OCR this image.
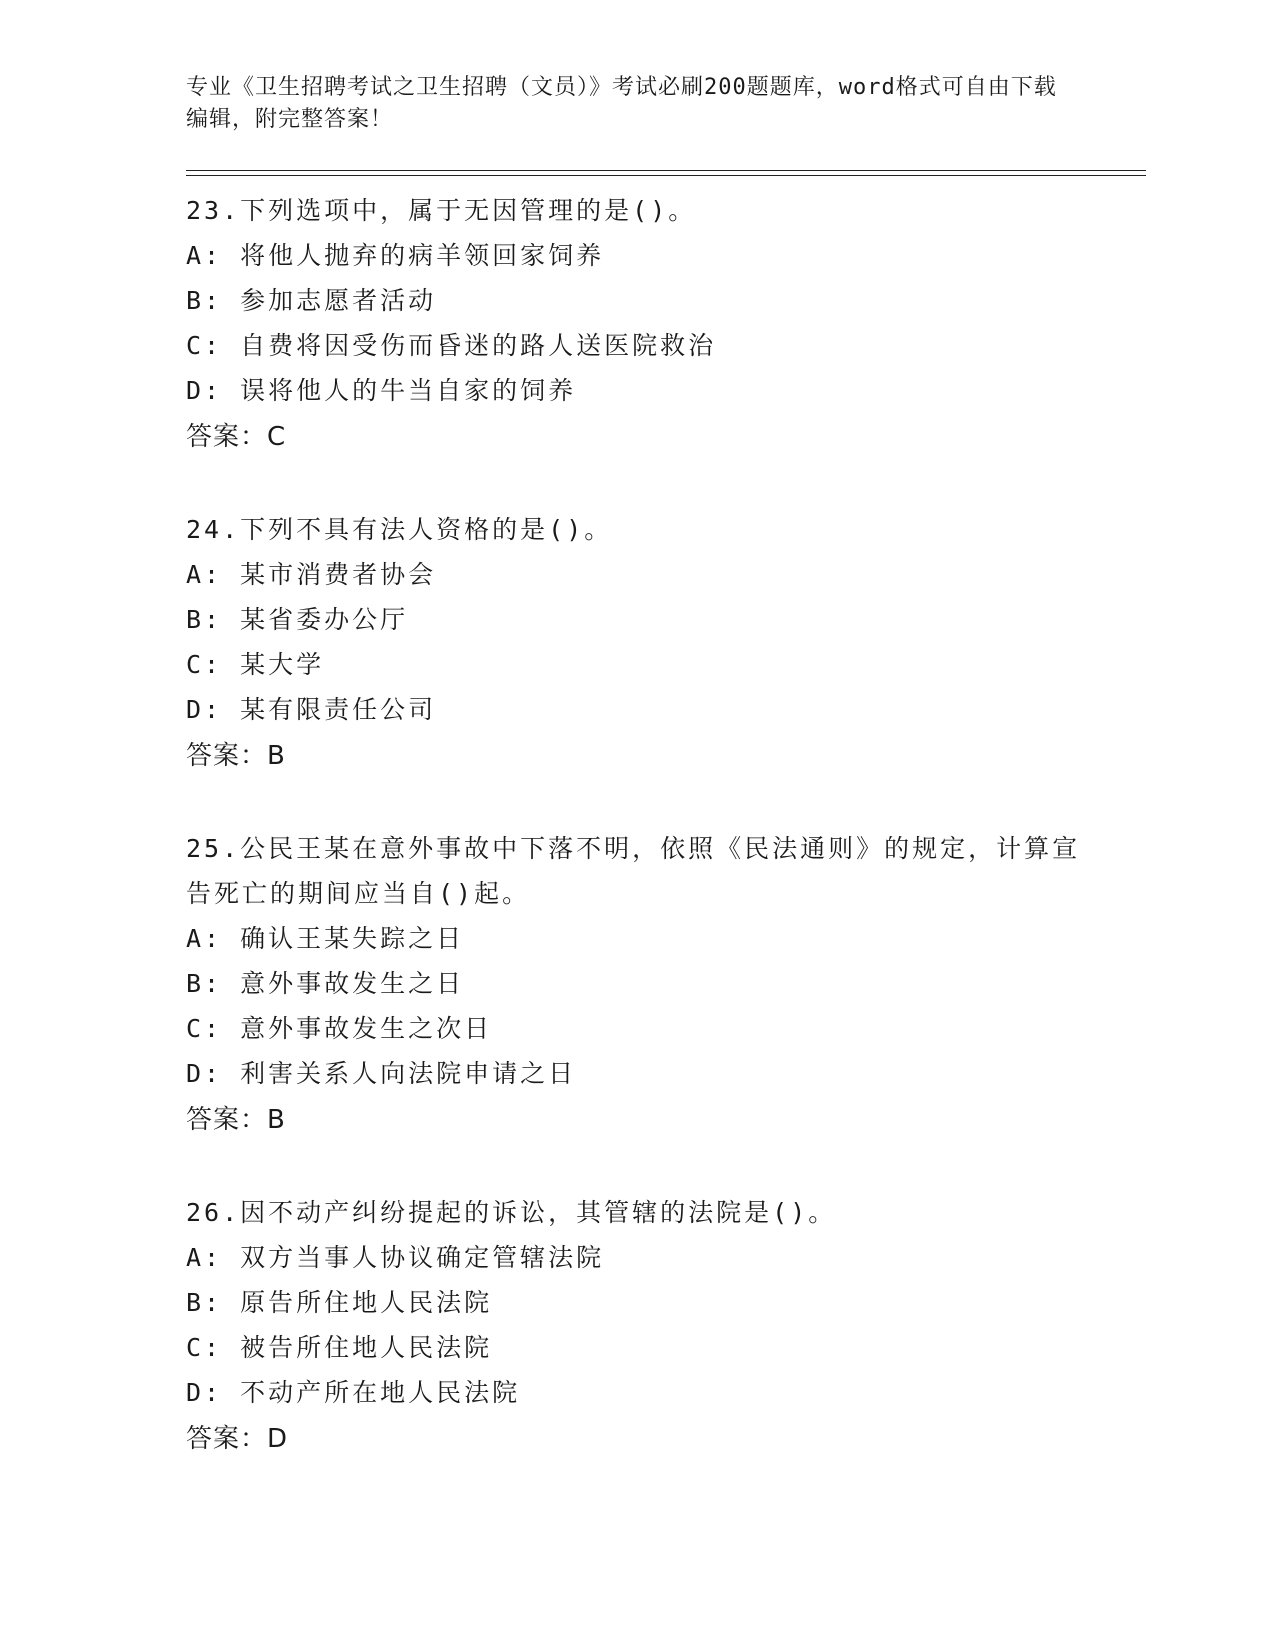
专业《卫生招聘考试之卫生招聘（文员）》考试必刷200题题库，word格式可自由下载编辑，附完整答案！
23.下列选项中，属于无因管理的是()。
A: 将他人抛弃的病羊领回家饲养
B: 参加志愿者活动
C: 自费将因受伤而昏迷的路人送医院救治
D: 误将他人的牛当自家的饲养
答案：C
24.下列不具有法人资格的是()。
A: 某市消费者协会
B: 某省委办公厅
C: 某大学
D: 某有限责任公司
答案：B
25.公民王某在意外事故中下落不明，依照《民法通则》的规定，计算宣告死亡的期间应当自()起。
A: 确认王某失踪之日
B: 意外事故发生之日
C: 意外事故发生之次日
D: 利害关系人向法院申请之日
答案：B
26.因不动产纠纷提起的诉讼，其管辖的法院是()。
A: 双方当事人协议确定管辖法院
B: 原告所住地人民法院
C: 被告所住地人民法院
D: 不动产所在地人民法院
答案：D
